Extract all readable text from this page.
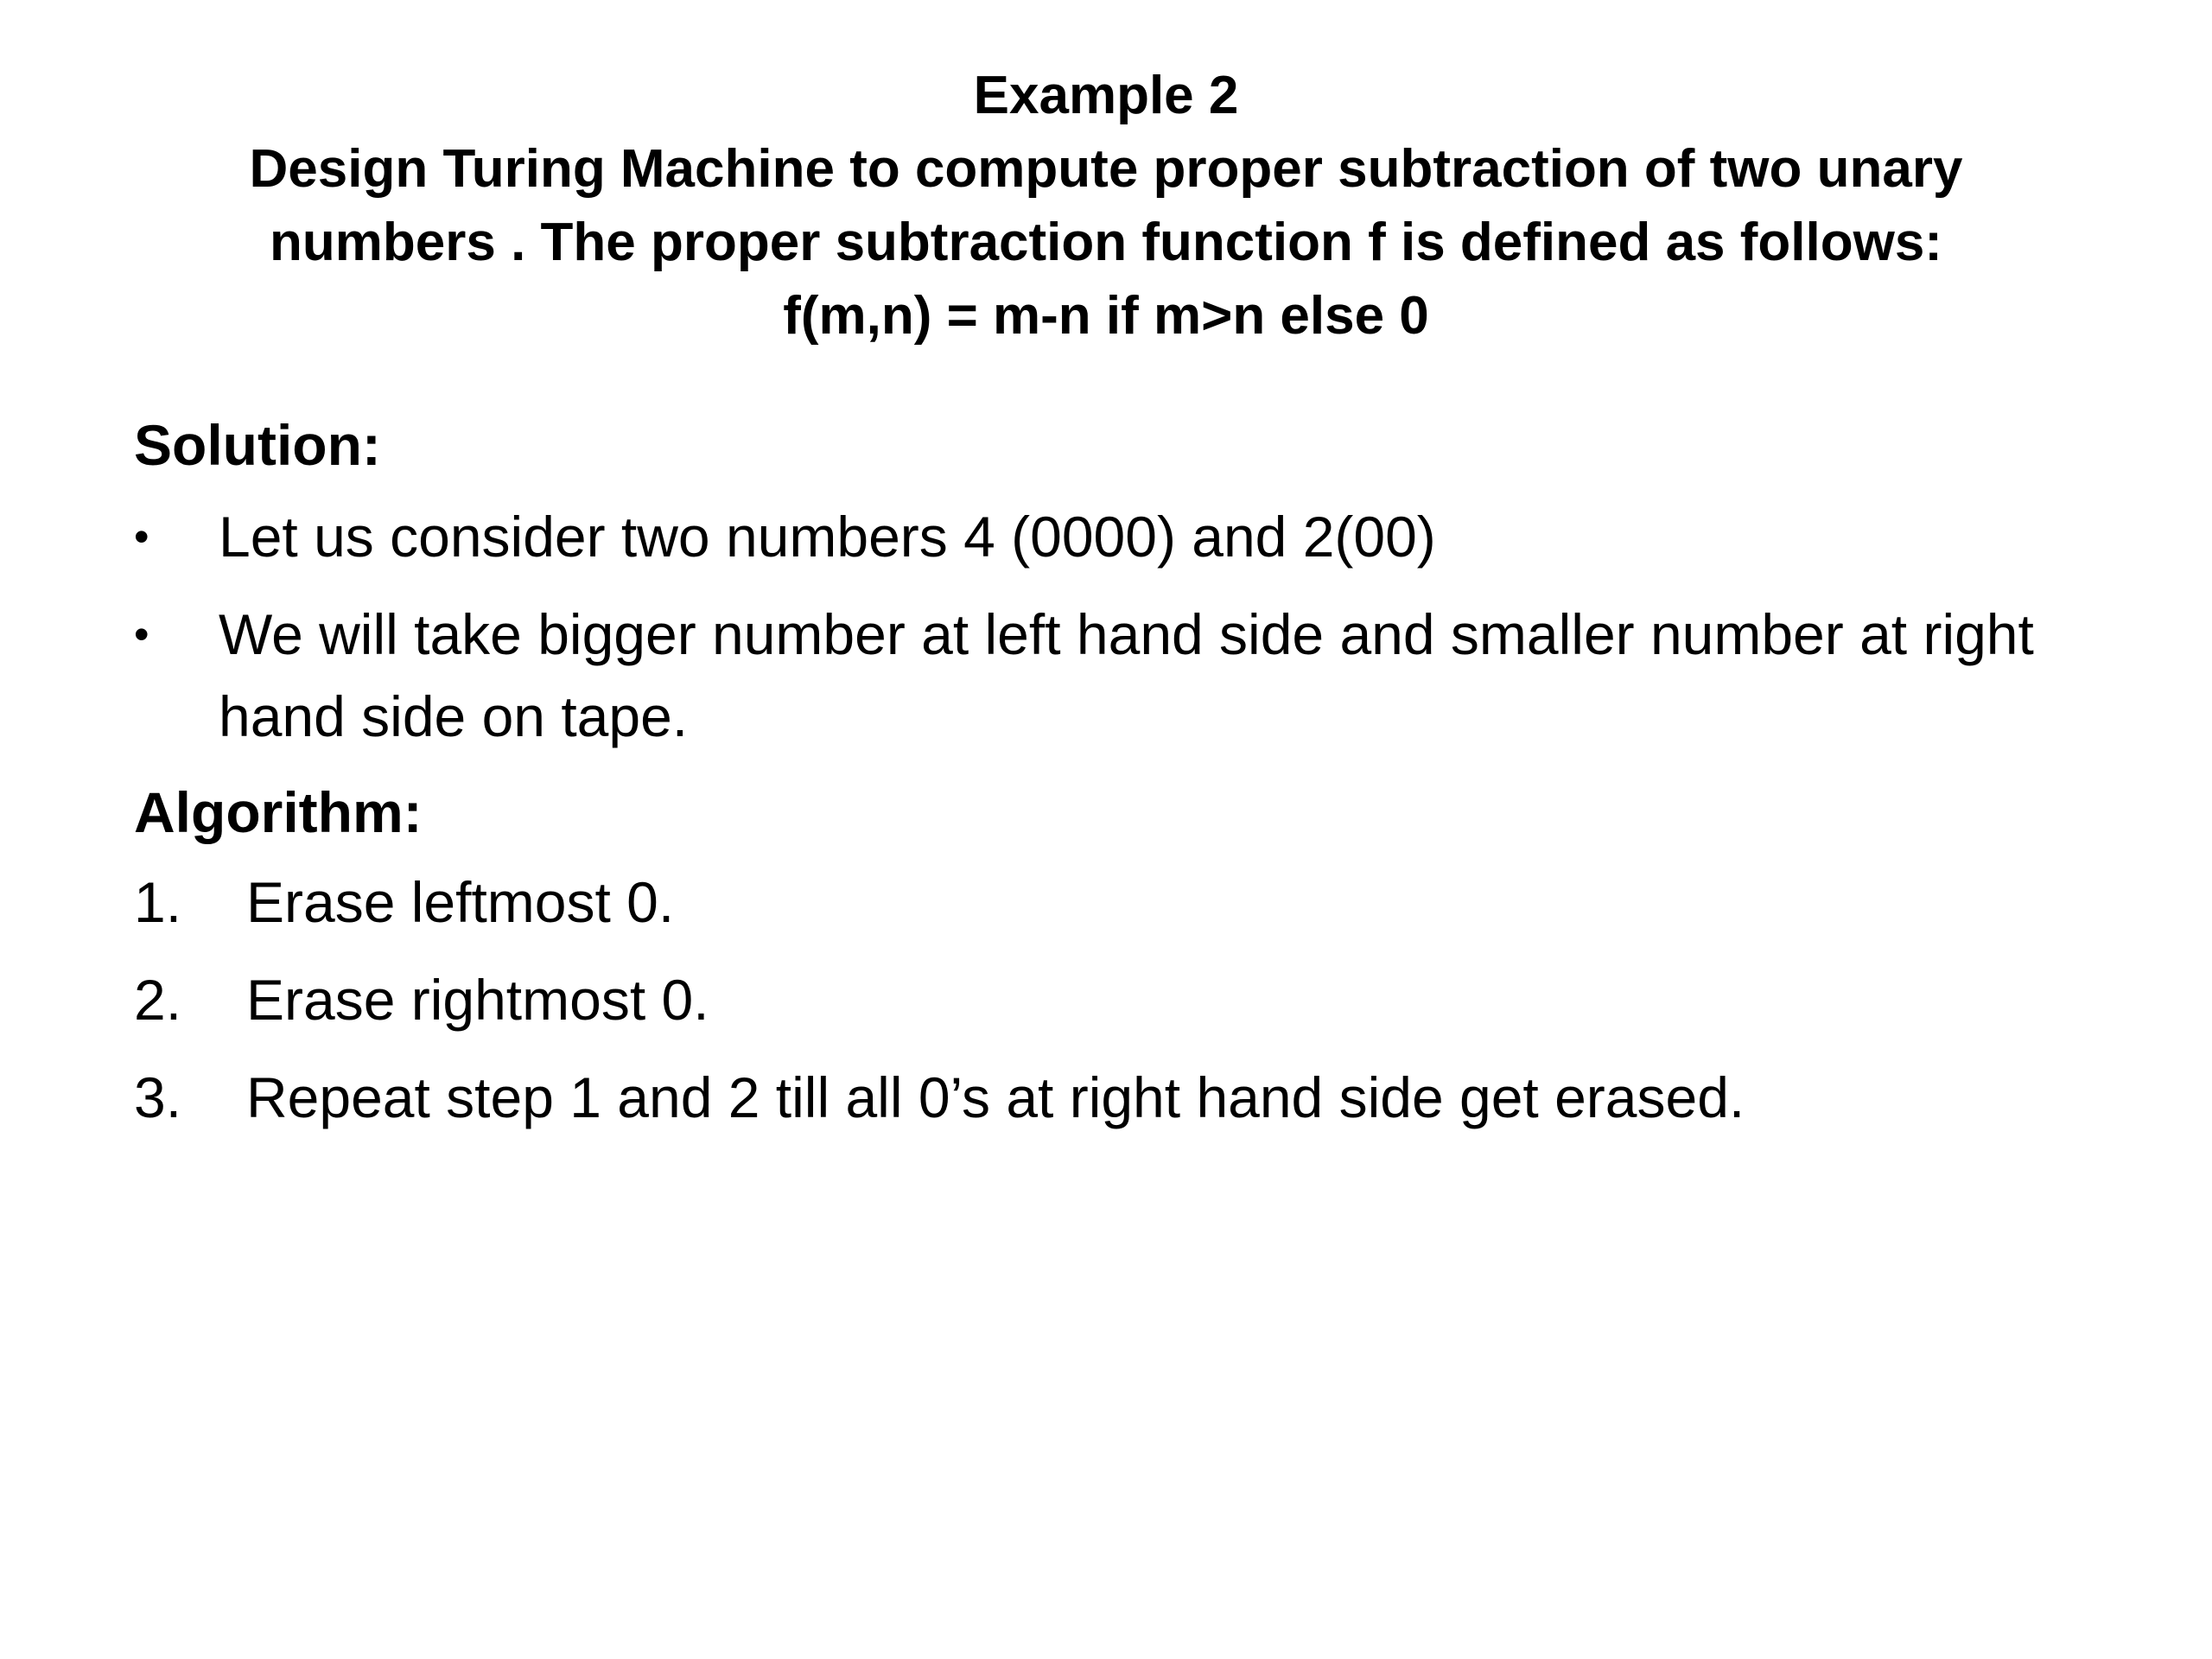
Example 2
Design Turing Machine to compute proper subtraction of two unary
numbers . The proper subtraction function f is defined as follows:
f(m,n) = m-n if m>n else 0
Solution:
• Let us consider two numbers 4 (0000) and 2(00)
• We will take bigger number at left hand side and smaller number at right hand side on tape.
Algorithm:
1. Erase leftmost 0.
2. Erase rightmost 0.
3. Repeat step 1 and 2 till all 0’s at right hand side get erased.
